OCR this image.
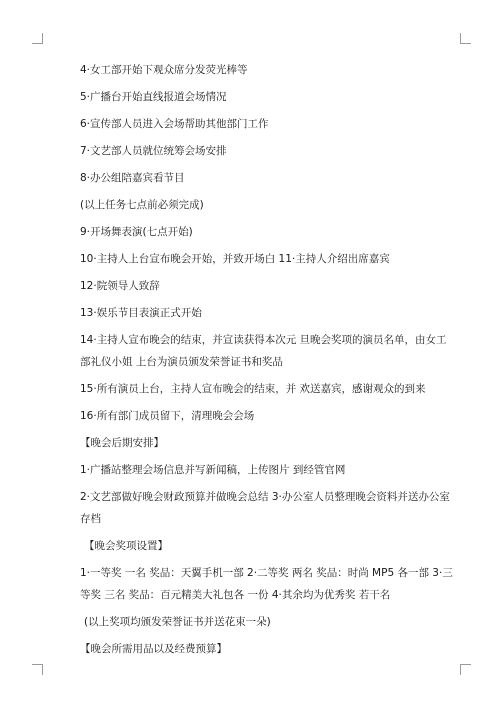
4·女工部开始下观众席分发荧光棒等

5·广播台开始直线报道会场情况

6·宣传部人员进入会场帮助其他部门工作

7·文艺部人员就位统筹会场安排

8·办公组陪嘉宾看节目

(以上任务七点前必须完成)

9·开场舞表演(七点开始)

10·主持人上台宣布晚会开始，并致开场白 11·主持人介绍出席嘉宾

12·院领导人致辞

13·娱乐节目表演正式开始

14·主持人宣布晚会的结束，并宣读获得本次元 旦晚会奖项的演员名单，由女工

部礼仪小姐 上台为演员颁发荣誉证书和奖品

15·所有演员上台，主持人宣布晚会的结束，并 欢送嘉宾，感谢观众的到来

16·所有部门成员留下，清理晚会会场

【晚会后期安排】

1·广播站整理会场信息并写新闻稿，上传图片 到经管官网

2·文艺部做好晚会财政预算并做晚会总结 3·办公室人员整理晚会资料并送办公室

存档

【晚会奖项设置】

1·一等奖 一名 奖品：天翼手机一部 2·二等奖 两名 奖品：时尚 MP5 各一部 3·三

等奖 三名 奖品：百元精美大礼包各 一份 4·其余均为优秀奖 若干名

(以上奖项均颁发荣誉证书并送花束一朵)

【晚会所需用品以及经费预算】
